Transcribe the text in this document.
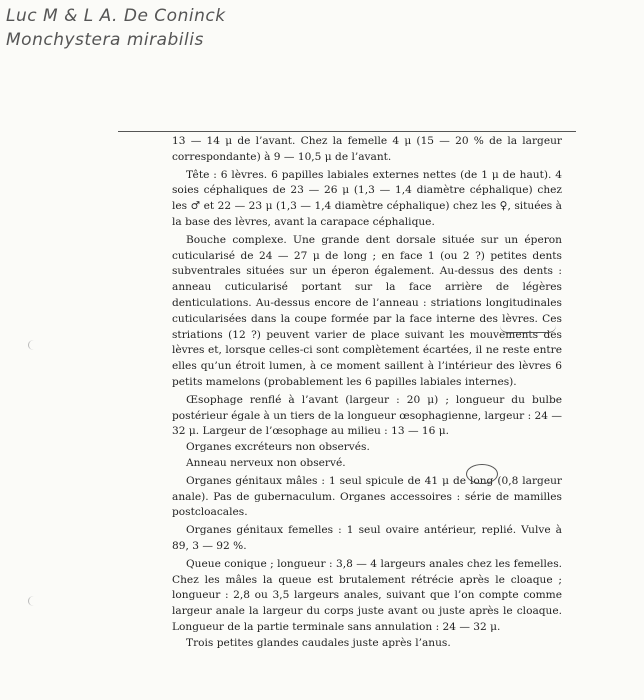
Luc M & L A. De Coninck
Monchystera mirabilis

13 — 14 μ de l’avant. Chez la femelle 4 μ (15 — 20 % de la largeur correspondante) à 9 — 10,5 μ de l’avant.

Tête : 6 lèvres. 6 papilles labiales externes nettes (de 1 μ de haut). 4 soies céphaliques de 23 — 26 μ (1,3 — 1,4 diamètre céphalique) chez les ♂ et 22 — 23 μ (1,3 — 1,4 diamètre céphalique) chez les ♀, situées à la base des lèvres, avant la carapace céphalique.

Bouche complexe. Une grande dent dorsale située sur un éperon cuticularisé de 24 — 27 μ de long ; en face 1 (ou 2 ?) petites dents subventrales situées sur un éperon également. Au-dessus des dents : anneau cuticularisé portant sur la face arrière de légères denticulations. Au-dessus encore de l’anneau : striations longitudinales cuticularisées dans la coupe formée par la face interne des lèvres. Ces striations (12 ?) peuvent varier de place suivant les mouvements des lèvres et, lorsque celles-ci sont complètement écartées, il ne reste entre elles qu’un étroit lumen, à ce moment saillent à l’intérieur des lèvres 6 petits mamelons (probablement les 6 papilles labiales internes).

Œsophage renflé à l’avant (largeur : 20 μ) ; longueur du bulbe postérieur égale à un tiers de la longueur œsophagienne, largeur : 24 — 32 μ. Largeur de l’œsophage au milieu : 13 — 16 μ.

Organes excréteurs non observés.

Anneau nerveux non observé.

Organes génitaux mâles : 1 seul spicule de 41 μ de long (0,8 largeur anale). Pas de gubernaculum. Organes accessoires : série de mamilles postcloacales.

Organes génitaux femelles : 1 seul ovaire antérieur, replié. Vulve à 89, 3 — 92 %.

Queue conique ; longueur : 3,8 — 4 largeurs anales chez les femelles. Chez les mâles la queue est brutalement rétrécie après le cloaque ; longueur : 2,8 ou 3,5 largeurs anales, suivant que l’on compte comme largeur anale la largeur du corps juste avant ou juste après le cloaque. Longueur de la partie terminale sans annulation : 24 — 32 μ.

Trois petites glandes caudales juste après l’anus.
